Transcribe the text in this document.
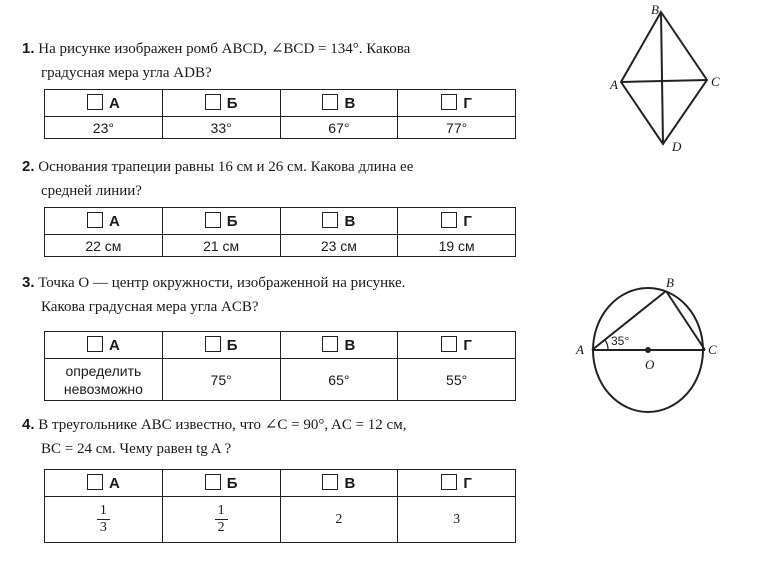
1. На рисунке изображен ромб ABCD, ∠BCD = 134°. Какова

градусная мера угла ADB?

А	Б	В	Г
23°	33°	67°	77°

2. Основания трапеции равны 16 см и 26 см. Какова длина ее

средней линии?

А	Б	В	Г
22 см	21 см	23 см	19 см

3. Точка O — центр окружности, изображенной на рисунке.

Какова градусная мера угла ACB?

А	Б	В	Г

определить
невозможно	75°	65°	55°

4. В треугольнике ABC известно, что ∠C = 90°, AC = 12 см,

BC = 24 см. Чему равен tg A ?

А	Б	В	Г

$\frac{1}{3}$	$\frac{1}{2}$	2	3
B
A	C
D
B
A	C
O
35°
